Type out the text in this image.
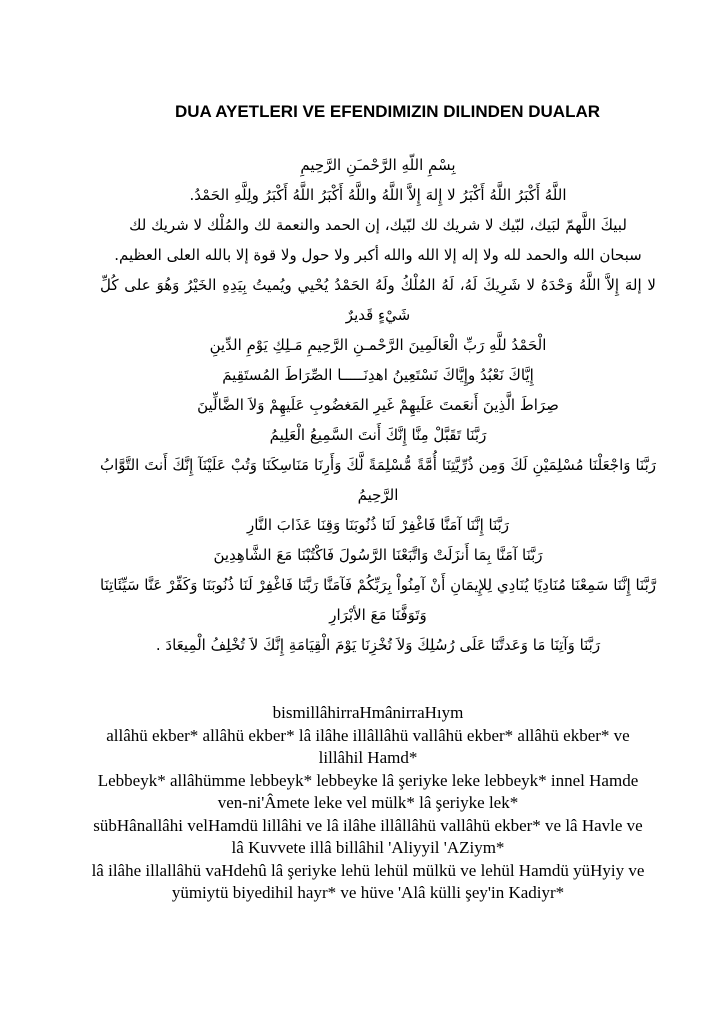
DUA AYETLERI VE EFENDIMIZIN DILINDEN DUALAR

بِسْمِ اللّهِ الرَّحْمـَنِ الرَّحِيمِ

اللَّهُ أَكْبَرُ اللَّهُ أَكْبَرُ لا إِلهَ إِلاَّ اللَّهُ واللَّهُ أَكْبَرُ اللَّهُ أَكْبَرُ ولِلَّهِ الحَمْدُ.

لبيكَ اللَّهمّ لبَيك، لبّيك لا شريك لك لبّيك، إن الحمد والنعمة لك والمُلْك لا شريك لك

سبحان الله والحمد لله ولا إله إلا الله والله أكبر ولا حول ولا قوة إلا بالله العلى العظيم.

لا إلهَ إِلاَّ اللَّهُ وَحْدَهُ لا شَرِيكَ لَهُ، لَهُ المُلْكُ ولَهُ الحَمْدُ يُحْيي ويُميتُ بِيَدِهِ الخَيْرُ وَهُوَ على كُلِّ شَيْءٍ قَديرٌ

الْحَمْدُ للَّهِ رَبِّ الْعَالَمِينَ الرَّحْمـنِ الرَّحِيمِ مَـلِكِ يَوْمِ الدِّينِ

إِيَّاكَ نَعْبُدُ وإِيَّاكَ نَسْتَعِينُ اهدِنَـــــا الصِّرَاطَ المُستَقِيمَ

صِرَاطَ الَّذِينَ أَنعَمتَ عَلَيهِمْ غَيرِ المَغضُوبِ عَلَيهِمْ وَلاَ الضَّالِّينَ

رَبَّنَا تَقَبَّلْ مِنَّا إِنَّكَ أَنتَ السَّمِيعُ الْعَلِيمُ

رَبَّنَا وَاجْعَلْنَا مُسْلِمَيْنِ لَكَ وَمِن ذُرِّيَّتِنَا أُمَّةً مُّسْلِمَةً لَّكَ وَأَرِنَا مَنَاسِكَنَا وَتُبْ عَلَيْنَآ إِنَّكَ أَنتَ التَّوَّابُ الرَّحِيمُ

رَبَّنَا إِنَّنَا آمَنَّا فَاغْفِرْ لَنَا ذُنُوبَنَا وَقِنَا عَذَابَ النَّارِ

رَبَّنَا آمَنَّا بِمَا أَنزَلَتْ وَاتَّبَعْنَا الرَّسُولَ فَاكْتُبْنَا مَعَ الشَّاهِدِينَ

رَّبَّنَا إِنَّنَا سَمِعْنَا مُنَادِيًا يُنَادِي لِلإِيمَانِ أَنْ آمِنُواْ بِرَبِّكُمْ فَآمَنَّا رَبَّنَا فَاغْفِرْ لَنَا ذُنُوبَنَا وَكَفِّرْ عَنَّا سَيِّئَاتِنَا وَتَوَفَّنَا مَعَ الأبْرَارِ

رَبَّنَا وَآتِنَا مَا وَعَدتَّنَا عَلَى رُسُلِكَ وَلاَ تُخْزِنَا يَوْمَ الْقِيَامَةِ إِنَّكَ لاَ تُخْلِفُ الْمِيعَادَ .

bismillâhirraHmânirraHıym

allâhü ekber* allâhü ekber* lâ ilâhe illâllâhü vallâhü ekber* allâhü ekber* ve lillâhil Hamd*

Lebbeyk* allâhümme lebbeyk* lebbeyke lâ şeriyke leke lebbeyk* innel Hamde ven-ni'Âmete leke vel mülk* lâ şeriyke lek*

sübHânallâhi velHamdü lillâhi ve lâ ilâhe illâllâhü vallâhü ekber* ve lâ Havle ve lâ Kuvvete illâ billâhil 'Aliyyil 'AZiym*

lâ ilâhe illallâhü vaHdehû lâ şeriyke lehü lehül mülkü ve lehül Hamdü yüHyiy ve yümiytü biyedihil hayr* ve hüve 'Alâ külli şey'in Kadiyr*
